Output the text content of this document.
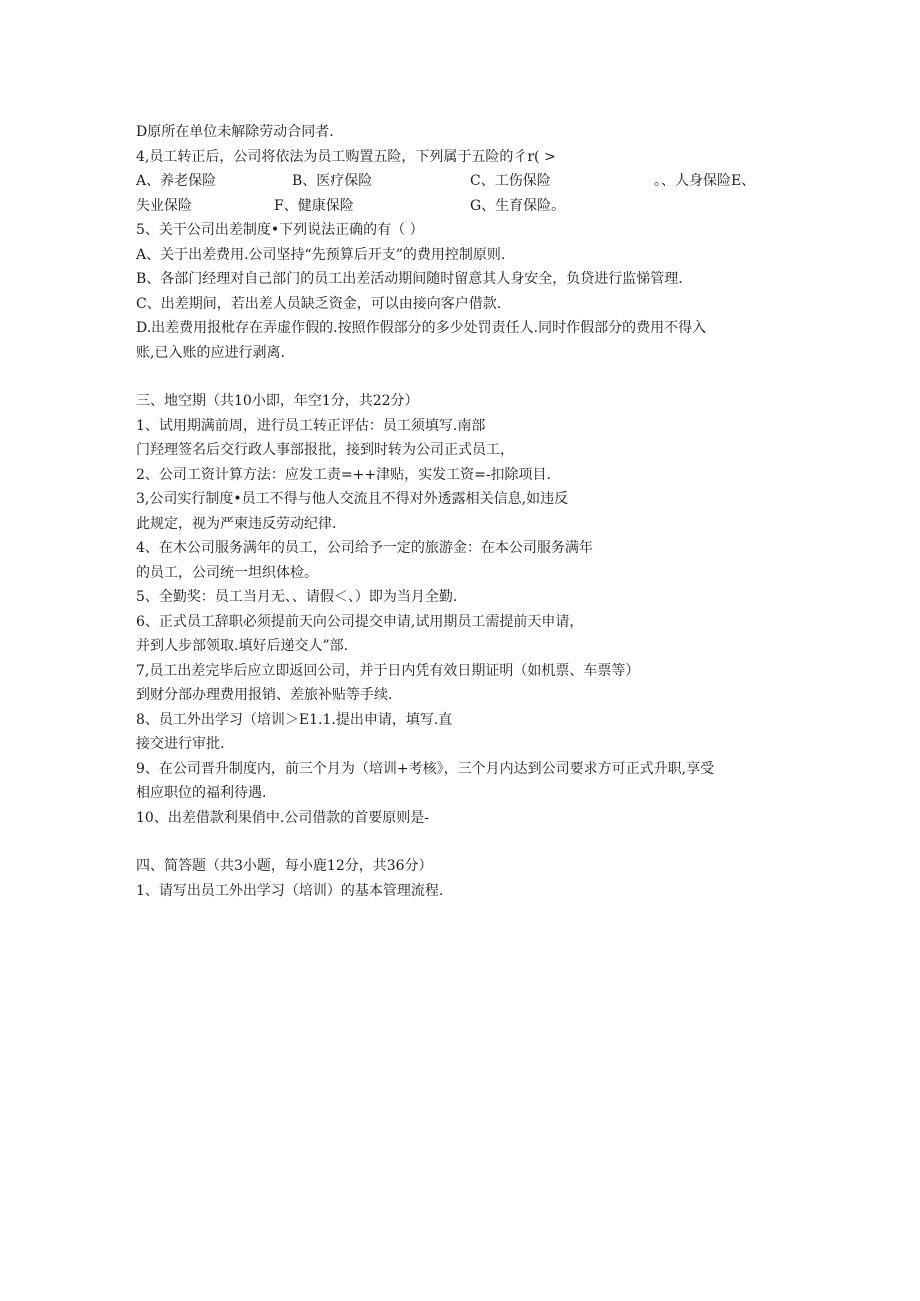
D原所在单位未解除劳动合同者.
4,员工转正后，公司将依法为员工购置五险，下列属于五险的彳r( >
A、养老保险	B、医疗保险	C、工伤保险	。、人身保险E、
失业保险	F、健康保险	G、生育保险。
5、关干公司出差制度•下列说法正确的有（ ）
A、关于出差费用.公司坚持“先预算后开支”的费用控制原则.
B、各部门经理对自己部门的员工出差活动期间随时留意其人身安全，负贷进行监悌管理.
C、出差期间，若出差人员缺乏资金，可以由接向客户借款.
D.出差费用报枇存在弄虚作假的.按照作假部分的多少处罚责任人.同时作假部分的费用不得入
账,已入账的应进行剥离.
三、地空期（共10小即，年空1分，共22分）
1、试用期满前周，进行员工转正评估：员工须填写.南部
门羟理签名后交行政人事部报批，接到时转为公司正式员工，
2、公司工资计算方法：应发工责=++津贴，实发工资=-扣除项目.
3,公司实行制度•员工不得与他人交流且不得对外透露相关信息,如违反
此规定，视为严柬违反劳动纪律.
4、在木公司服务满年的员工，公司给予一定的旅游金：在本公司服务满年
的员工，公司统一坦织体检。
5、全勤奖：员工当月无、、请假＜、）即为当月全勤.
6、正式员工辞职必须提前天向公司提交申请,试用期员工需提前天申请，
并到人步部领取.填好后递交人”部.
7,员工出差完毕后应立即返回公司，并于日内凭有效日期证明（如机票、车票等）
到财分部办理费用报销、差旅补贴等手续.
8、员工外出学习（培训＞E1.1.提出申请，填写.直
接交进行审批.
9、在公司晋升制度内，前三个月为（培训+考核》，三个月内达到公司要求方可正式升职,享受
相应职位的福利待遇.
10、出差借款利果俏中.公司借款的首要原则是-
四、简答题（共3小题，每小鹿12分，共36分）
1、请写出员工外出学习（培训）的基本管理流程.
